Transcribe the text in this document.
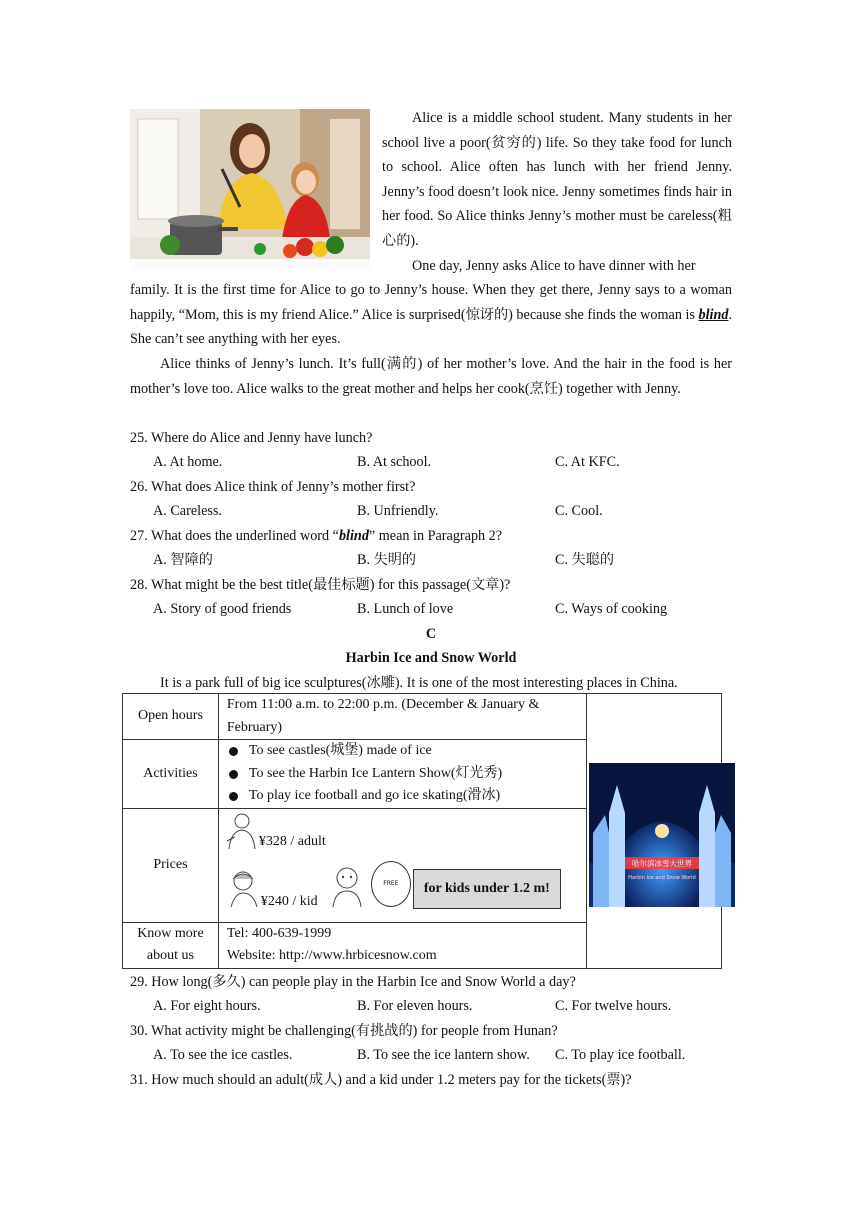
Alice is a middle school student. Many students in her school live a poor(贫穷的) life. So they take food for lunch to school. Alice often has lunch with her friend Jenny. Jenny’s food doesn’t look nice. Jenny sometimes finds hair in her food. So Alice thinks Jenny’s mother must be careless(粗心的).

One day, Jenny asks Alice to have dinner with her

family. It is the first time for Alice to go to Jenny’s house. When they get there, Jenny says to a woman happily, “Mom, this is my friend Alice.” Alice is surprised(惊讶的) because she finds the woman is blind. She can’t see anything with her eyes.

Alice thinks of Jenny’s lunch. It’s full(满的) of her mother’s love. And the hair in the food is her mother’s love too. Alice walks to the great mother and helps her cook(烹饪) together with Jenny.

25. Where do Alice and Jenny have lunch?
A. At home.	B. At school.	C. At KFC.
26. What does Alice think of Jenny’s mother first?
A. Careless.	B. Unfriendly.	C. Cool.
27. What does the underlined word “blind” mean in Paragraph 2?
A. 智障的	B. 失明的	C. 失聪的
28. What might be the best title(最佳标题) for this passage(文章)?
A. Story of good friends	B. Lunch of love	C. Ways of cooking
C
Harbin Ice and Snow World
It is a park full of big ice sculptures(冰雕). It is one of the most interesting places in China.
Open hours	From 11:00 a.m. to 22:00 p.m. (December & January & February)	哈尔滨冰雪大世界
Harbin Ice and Snow World

Activities	To see castles(城堡) made of ice
To see the Harbin Ice Lantern Show(灯光秀)
To play ice football and go ice skating(滑冰)	

Prices	¥328 / adult
¥240 / kid
FREE for kids under 1.2 m!	

Know more about us	Tel: 400-639-1999
Website: http://www.hrbicesnow.com	
29. How long(多久) can people play in the Harbin Ice and Snow World a day?
A. For eight hours.	B. For eleven hours.	C. For twelve hours.
30. What activity might be challenging(有挑战的) for people from Hunan?
A. To see the ice castles.	B. To see the ice lantern show. C. To play ice football.
31. How much should an adult(成人) and a kid under 1.2 meters pay for the tickets(票)?
